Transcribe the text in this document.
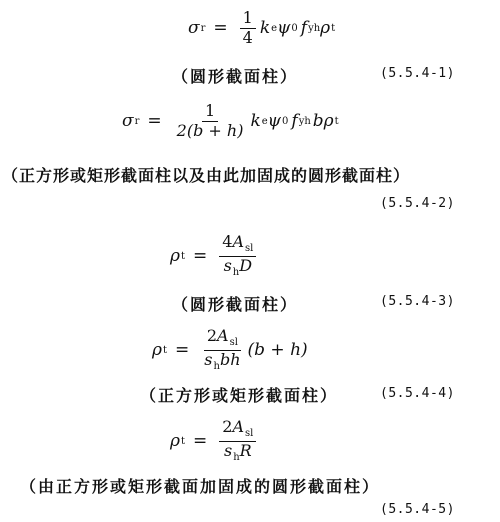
σ $r = \frac{1}{4}$ k e ψ 0 f yh ρ t
（圆形截面柱）	(5.5.4-1)
σ $r = \frac{1}{2(b + h)}$ k e ψ 0 f yh b ρ t
（正方形或矩形截面柱以及由此加固成的圆形截面柱）
(5.5.4-2)
ρ $t = \frac{4A_{sl}}{s_hD}$
（圆形截面柱）	(5.5.4-3)
ρ $t = \frac{2A_{sl}}{s_hbh} (b + h)$
（正方形或矩形截面柱）	(5.5.4-4)
ρ $t = \frac{2A_{sl}}{s_hR}$
（由正方形或矩形截面加固成的圆形截面柱）
(5.5.4-5)
